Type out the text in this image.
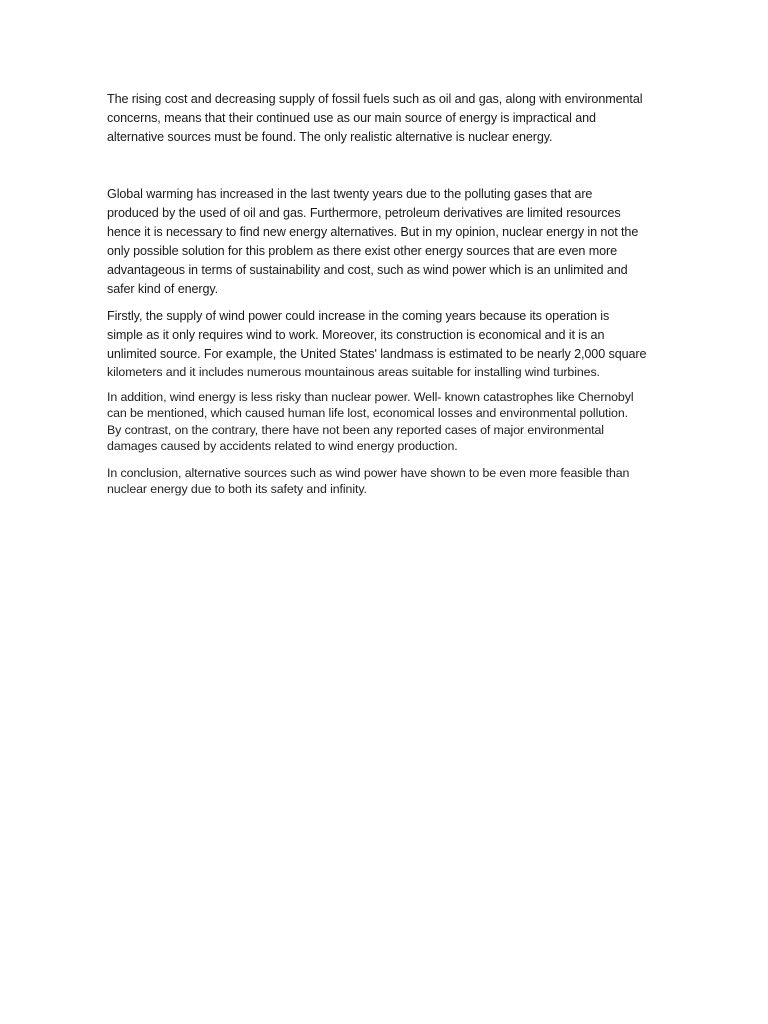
The rising cost and decreasing supply of fossil fuels such as oil and gas, along with environmental
concerns, means that their continued use as our main source of energy is impractical and
alternative sources must be found. The only realistic alternative is nuclear energy.

Global warming has increased in the last twenty years due to the polluting gases that are
produced by the used of oil and gas. Furthermore, petroleum derivatives are limited resources
hence it is necessary to find new energy alternatives. But in my opinion, nuclear energy in not the
only possible solution for this problem as there exist other energy sources that are even more
advantageous in terms of sustainability and cost, such as wind power which is an unlimited and
safer kind of energy.

Firstly, the supply of wind power could increase in the coming years because its operation is
simple as it only requires wind to work. Moreover, its construction is economical and it is an
unlimited source. For example, the United States' landmass is estimated to be nearly 2,000 square
kilometers and it includes numerous mountainous areas suitable for installing wind turbines.

In addition, wind energy is less risky than nuclear power. Well- known catastrophes like Chernobyl
can be mentioned, which caused human life lost, economical losses and environmental pollution.
By contrast, on the contrary, there have not been any reported cases of major environmental
damages caused by accidents related to wind energy production.

In conclusion, alternative sources such as wind power have shown to be even more feasible than
nuclear energy due to both its safety and infinity.
